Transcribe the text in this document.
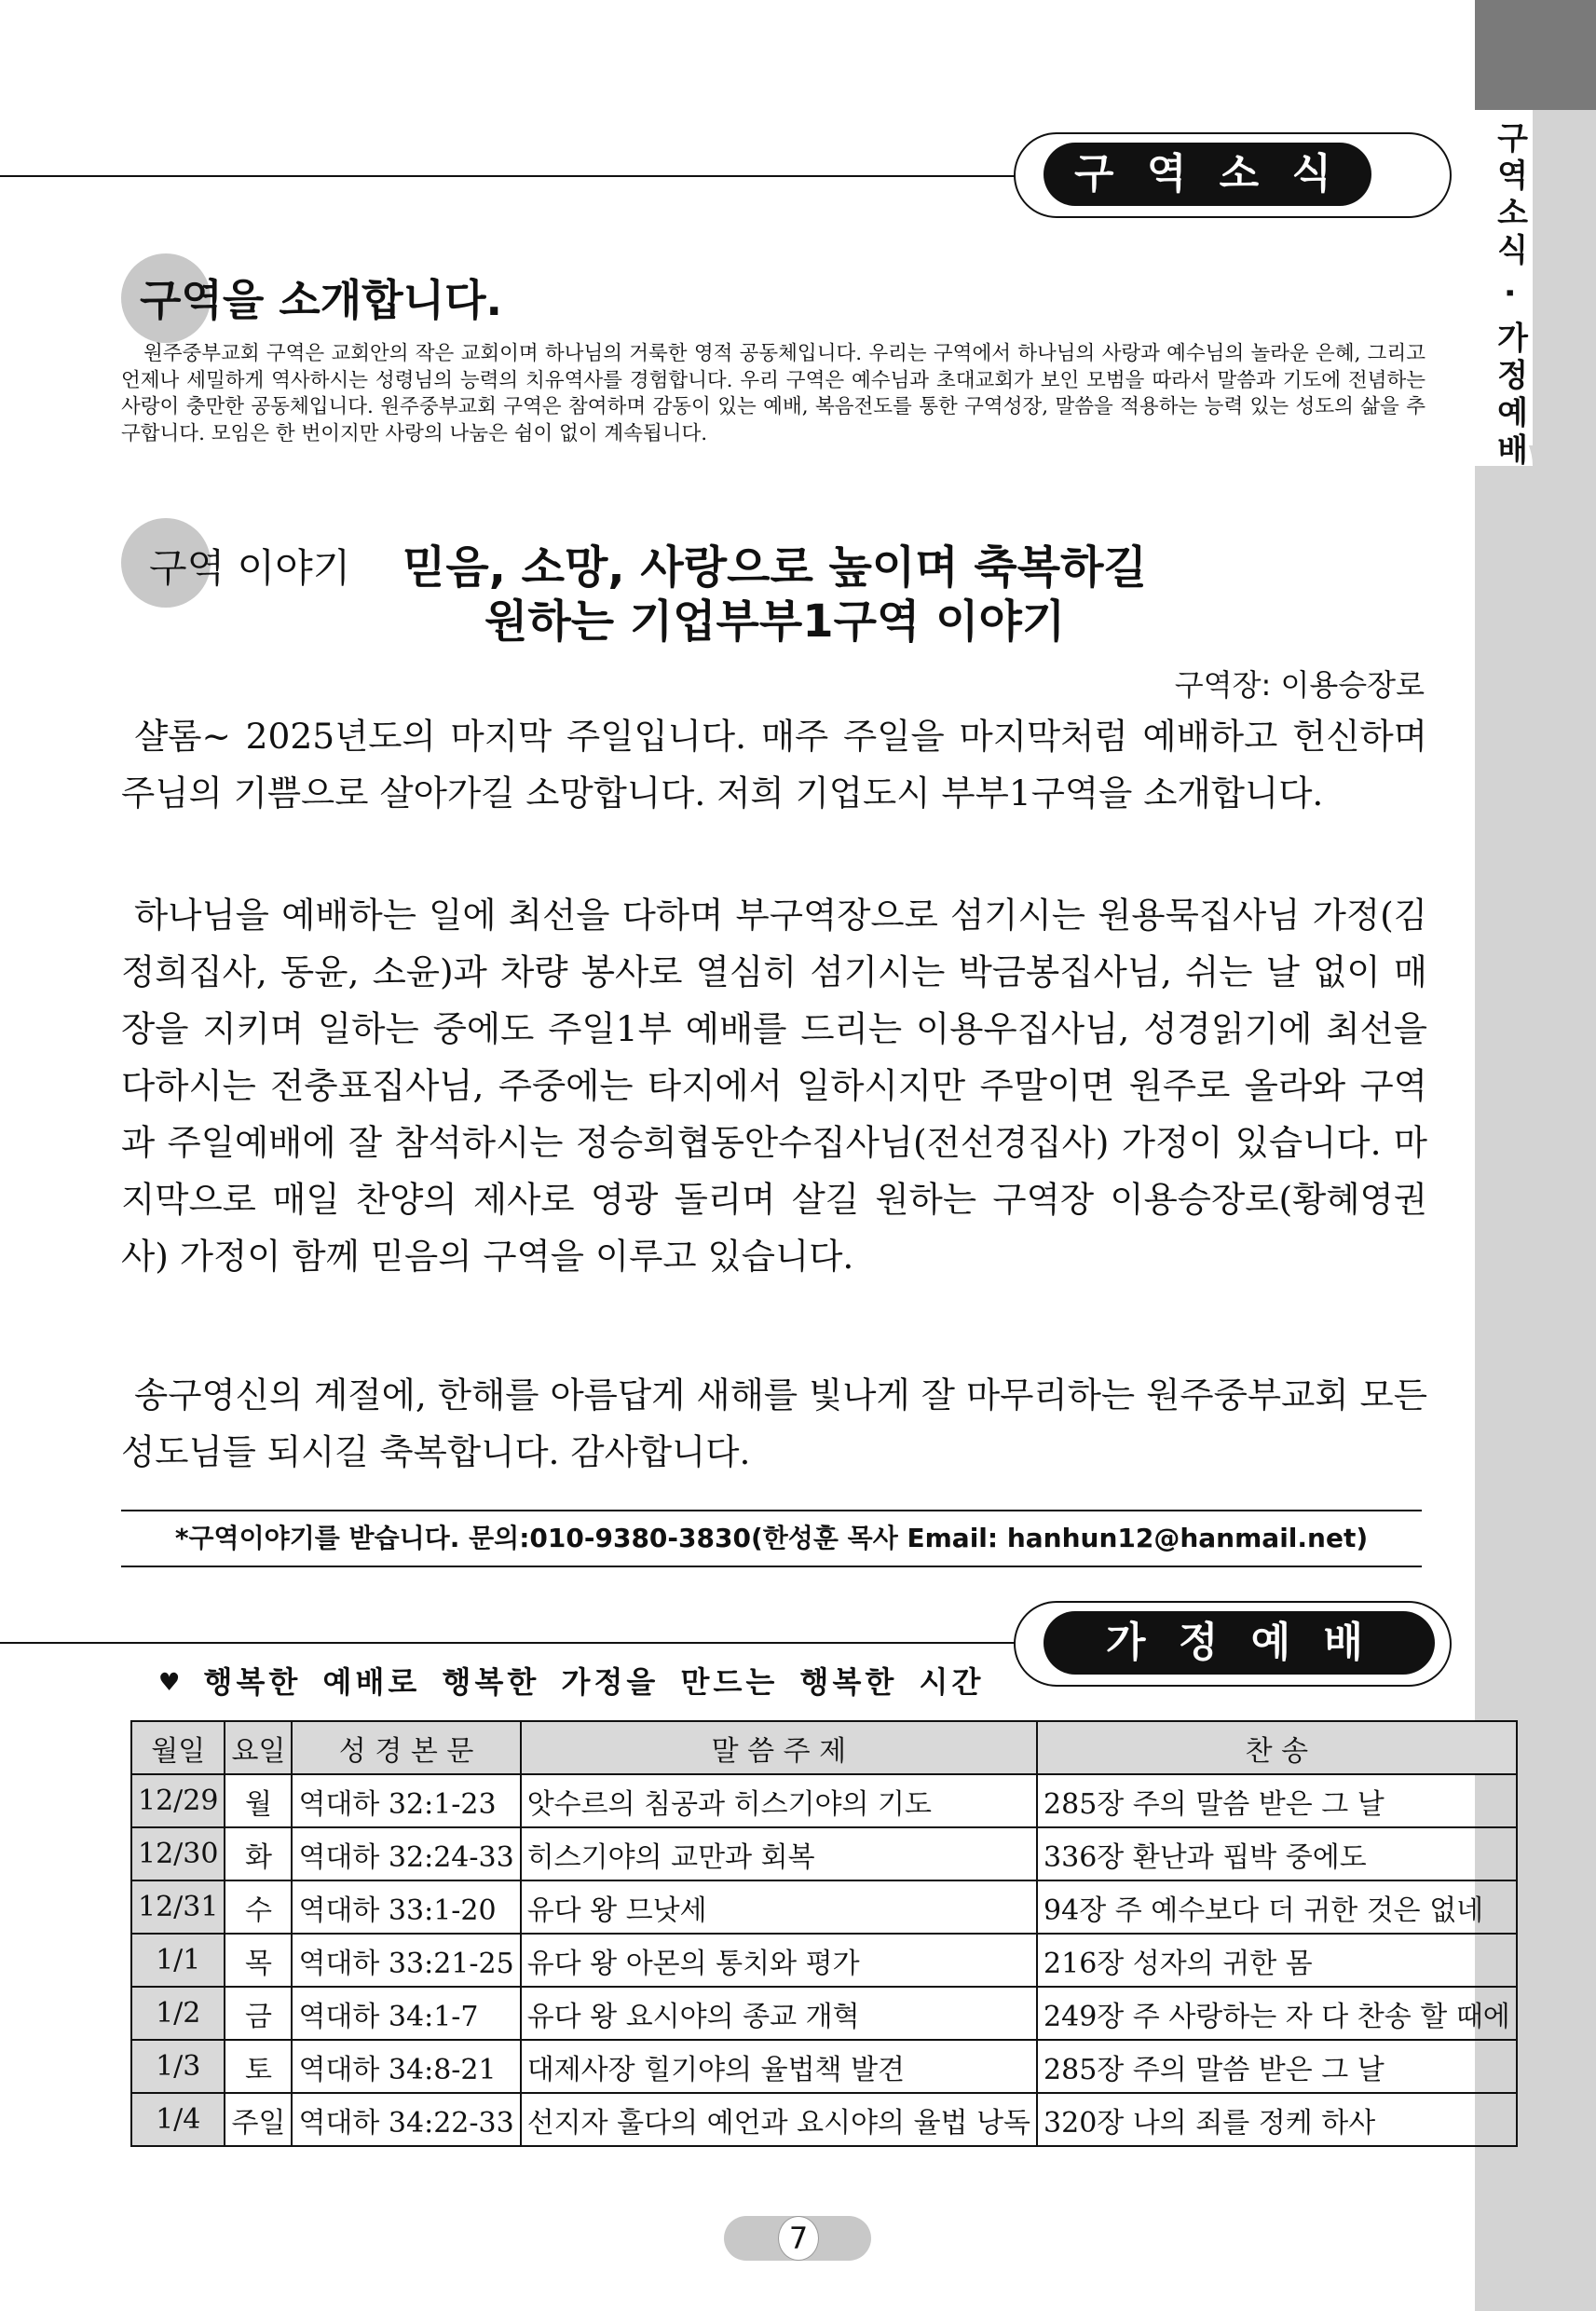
구역소식 · 가정예배
구 역 소 식
구역을 소개합니다.

원주중부교회 구역은 교회안의 작은 교회이며 하나님의 거룩한 영적 공동체입니다. 우리는 구역에서 하나님의 사랑과 예수님의 놀라운 은혜, 그리고 언제나 세밀하게 역사하시는 성령님의 능력의 치유역사를 경험합니다. 우리 구역은 예수님과 초대교회가 보인 모범을 따라서 말씀과 기도에 전념하는 사랑이 충만한 공동체입니다. 원주중부교회 구역은 참여하며 감동이 있는 예배, 복음전도를 통한 구역성장, 말씀을 적용하는 능력 있는 성도의 삶을 추구합니다. 모임은 한 번이지만 사랑의 나눔은 쉼이 없이 계속됩니다.

구역 이야기 믿음, 소망, 사랑으로 높이며 축복하길
원하는 기업부부1구역 이야기
구역장: 이용승장로

샬롬~ 2025년도의 마지막 주일입니다. 매주 주일을 마지막처럼 예배하고 헌신하며 주님의 기쁨으로 살아가길 소망합니다. 저희 기업도시 부부1구역을 소개합니다.

하나님을 예배하는 일에 최선을 다하며 부구역장으로 섬기시는 원용묵집사님 가정(김정희집사, 동윤, 소윤)과 차량 봉사로 열심히 섬기시는 박금봉집사님, 쉬는 날 없이 매장을 지키며 일하는 중에도 주일1부 예배를 드리는 이용우집사님, 성경읽기에 최선을 다하시는 전충표집사님, 주중에는 타지에서 일하시지만 주말이면 원주로 올라와 구역과 주일예배에 잘 참석하시는 정승희협동안수집사님(전선경집사) 가정이 있습니다. 마지막으로 매일 찬양의 제사로 영광 돌리며 살길 원하는 구역장 이용승장로(황혜영권사) 가정이 함께 믿음의 구역을 이루고 있습니다.

송구영신의 계절에, 한해를 아름답게 새해를 빛나게 잘 마무리하는 원주중부교회 모든 성도님들 되시길 축복합니다. 감사합니다.

*구역이야기를 받습니다. 문의:010-9380-3830(한성훈 목사 Email: hanhun12@hanmail.net)
가 정 예 배
♥ 행복한 예배로 행복한 가정을 만드는 행복한 시간
월일	요일	성 경 본 문	말 씀 주 제	찬 송
12/29	월	역대하 32:1-23	앗수르의 침공과 히스기야의 기도	285장 주의 말씀 받은 그 날
12/30	화	역대하 32:24-33	히스기야의 교만과 회복	336장 환난과 핍박 중에도
12/31	수	역대하 33:1-20	유다 왕 므낫세	94장 주 예수보다 더 귀한 것은 없네
1/1	목	역대하 33:21-25	유다 왕 아몬의 통치와 평가	216장 성자의 귀한 몸
1/2	금	역대하 34:1-7	유다 왕 요시야의 종교 개혁	249장 주 사랑하는 자 다 찬송 할 때에
1/3	토	역대하 34:8-21	대제사장 힐기야의 율법책 발견	285장 주의 말씀 받은 그 날
1/4	주일	역대하 34:22-33	선지자 훌다의 예언과 요시야의 율법 낭독	320장 나의 죄를 정케 하사
7
